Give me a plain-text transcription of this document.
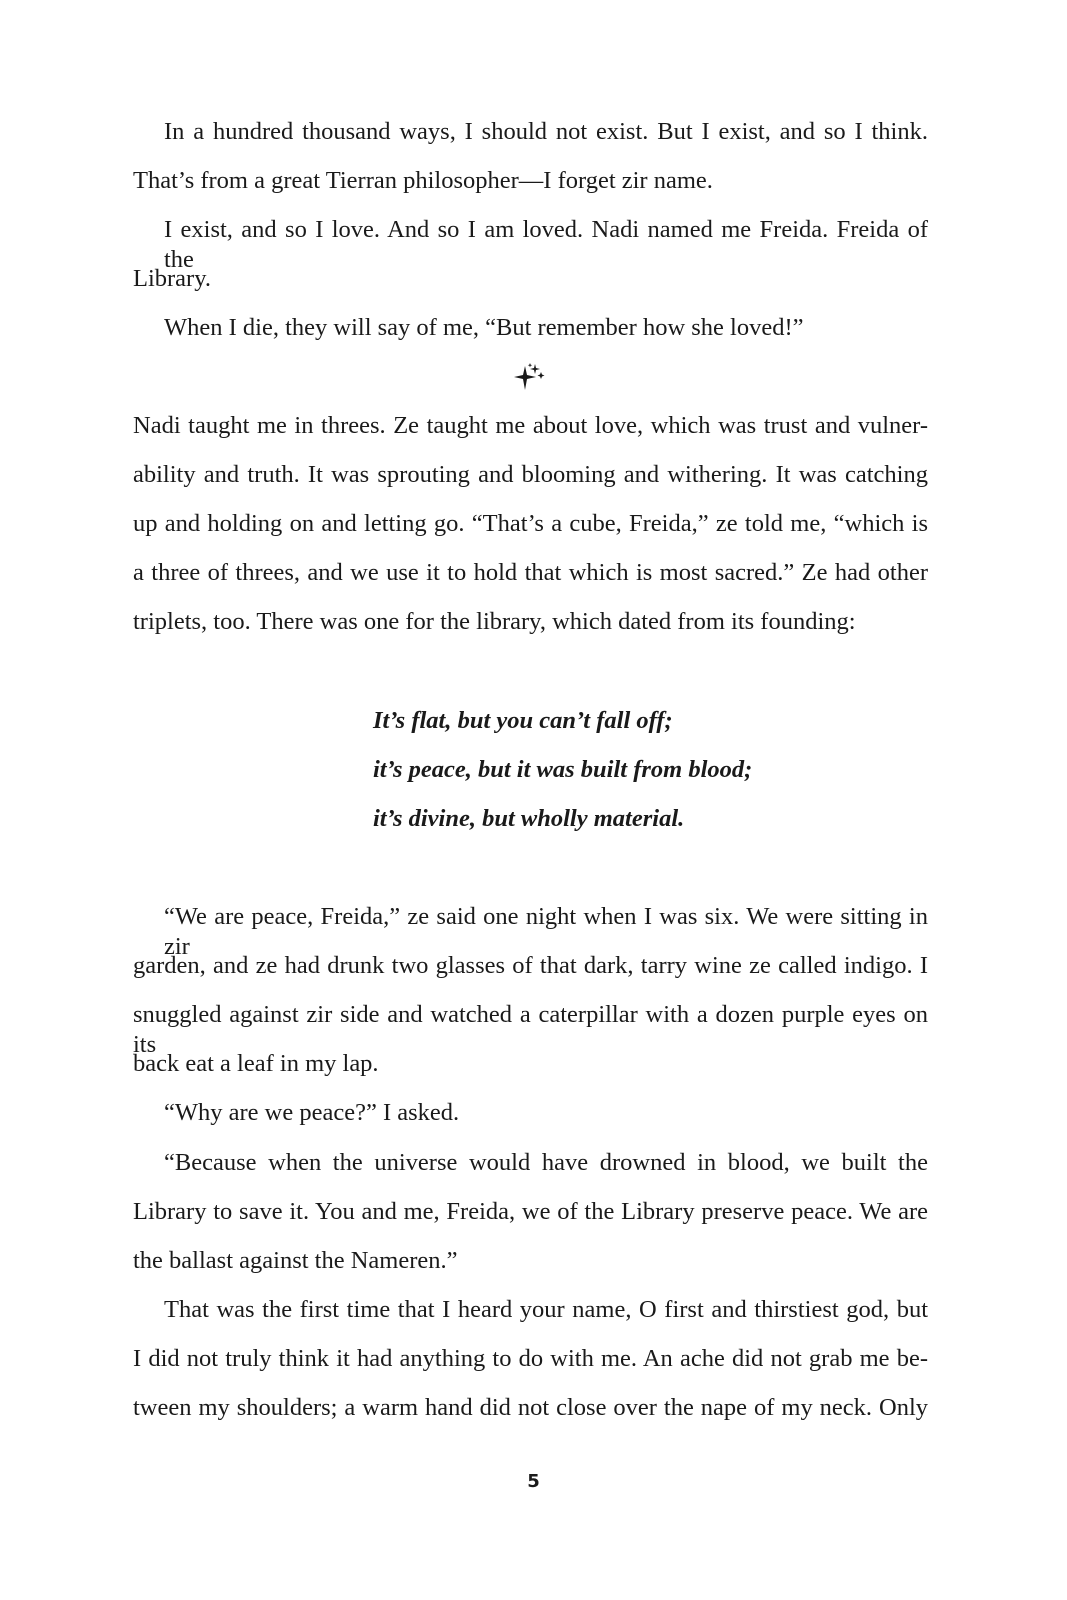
In a hundred thousand ways, I should not exist. But I exist, and so I think.
That’s from a great Tierran philosopher—I forget zir name.
I exist, and so I love. And so I am loved. Nadi named me Freida. Freida of the
Library.
When I die, they will say of me, “But remember how she loved!”
Nadi taught me in threes. Ze taught me about love, which was trust and vulner-
ability and truth. It was sprouting and blooming and withering. It was catching
up and holding on and letting go. “That’s a cube, Freida,” ze told me, “which is
a three of threes, and we use it to hold that which is most sacred.” Ze had other
triplets, too. There was one for the library, which dated from its founding:
It’s flat, but you can’t fall off;
it’s peace, but it was built from blood;
it’s divine, but wholly material.
“We are peace, Freida,” ze said one night when I was six. We were sitting in zir
garden, and ze had drunk two glasses of that dark, tarry wine ze called indigo. I
snuggled against zir side and watched a caterpillar with a dozen purple eyes on its
back eat a leaf in my lap.
“Why are we peace?” I asked.
“Because when the universe would have drowned in blood, we built the
Library to save it. You and me, Freida, we of the Library preserve peace. We are
the ballast against the Nameren.”
That was the first time that I heard your name, O first and thirstiest god, but
I did not truly think it had anything to do with me. An ache did not grab me be-
tween my shoulders; a warm hand did not close over the nape of my neck. Only
5
